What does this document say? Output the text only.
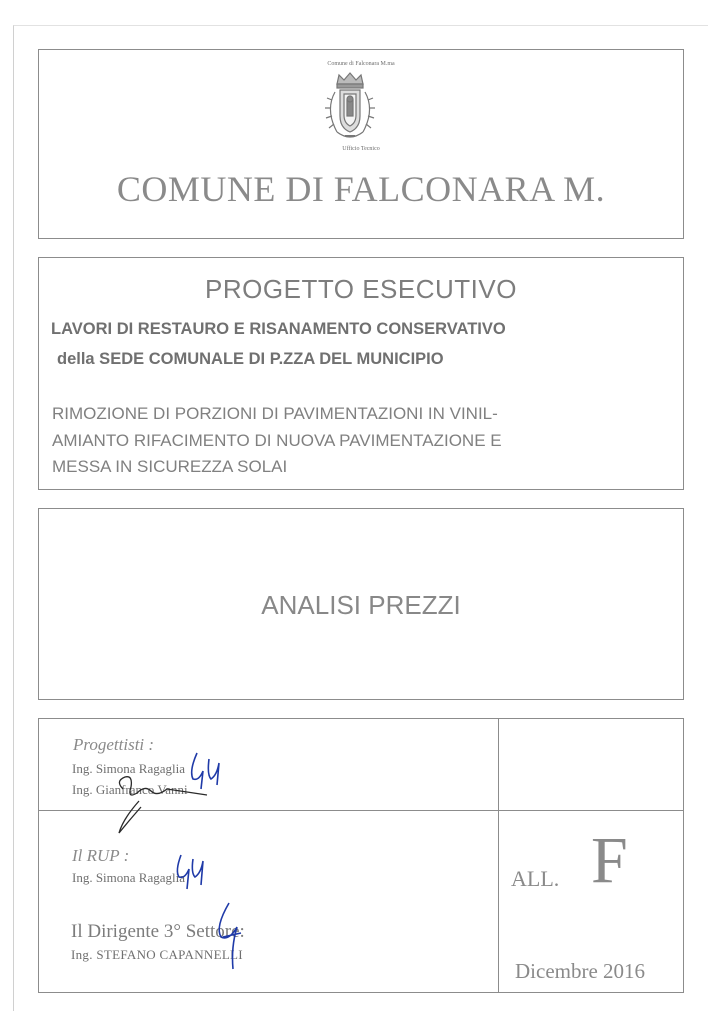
Comune di Falconara M.ma
Ufficio Tecnico
COMUNE DI FALCONARA M.
PROGETTO ESECUTIVO
LAVORI DI RESTAURO E RISANAMENTO CONSERVATIVO
della SEDE COMUNALE DI P.ZZA DEL MUNICIPIO
RIMOZIONE DI PORZIONI DI PAVIMENTAZIONI IN VINIL-
AMIANTO RIFACIMENTO DI NUOVA PAVIMENTAZIONE E
MESSA IN SICUREZZA SOLAI
ANALISI PREZZI
Progettisti :
Ing. Simona Ragaglia
Ing. Gianfranco Vanni
Il RUP :
Ing. Simona Ragaglia
Il Dirigente 3° Settore:
Ing. STEFANO CAPANNELLI
ALL. F
Dicembre 2016
